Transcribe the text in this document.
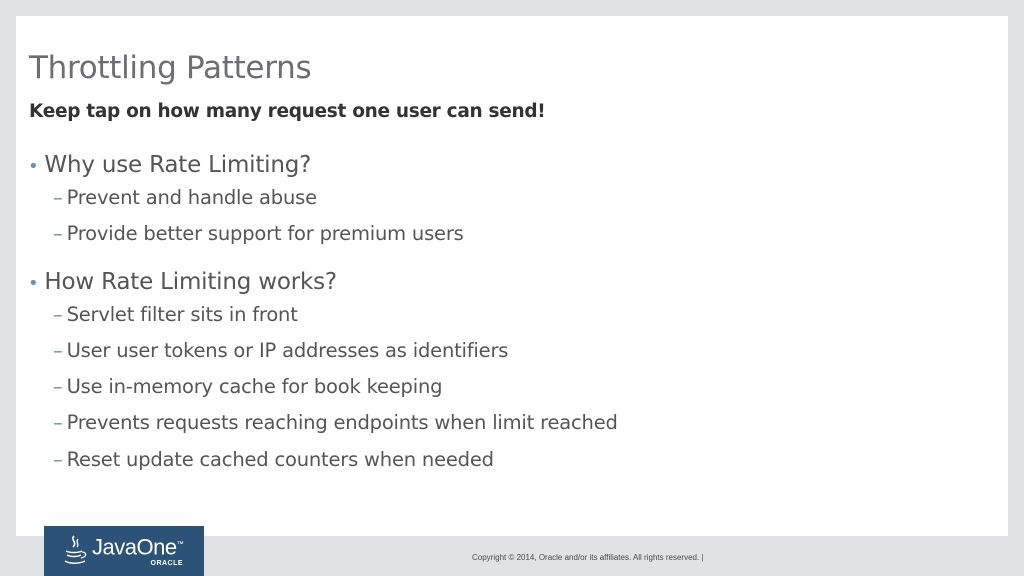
Throttling Patterns
Keep tap on how many request one user can send!
• Why use Rate Limiting?
– Prevent and handle abuse
– Provide better support for premium users
• How Rate Limiting works?
– Servlet filter sits in front
– User user tokens or IP addresses as identifiers
– Use in-memory cache for book keeping
– Prevents requests reaching endpoints when limit reached
– Reset update cached counters when needed
JavaOne™
ORACLE
Copyright © 2014, Oracle and/or its affiliates. All rights reserved. |
